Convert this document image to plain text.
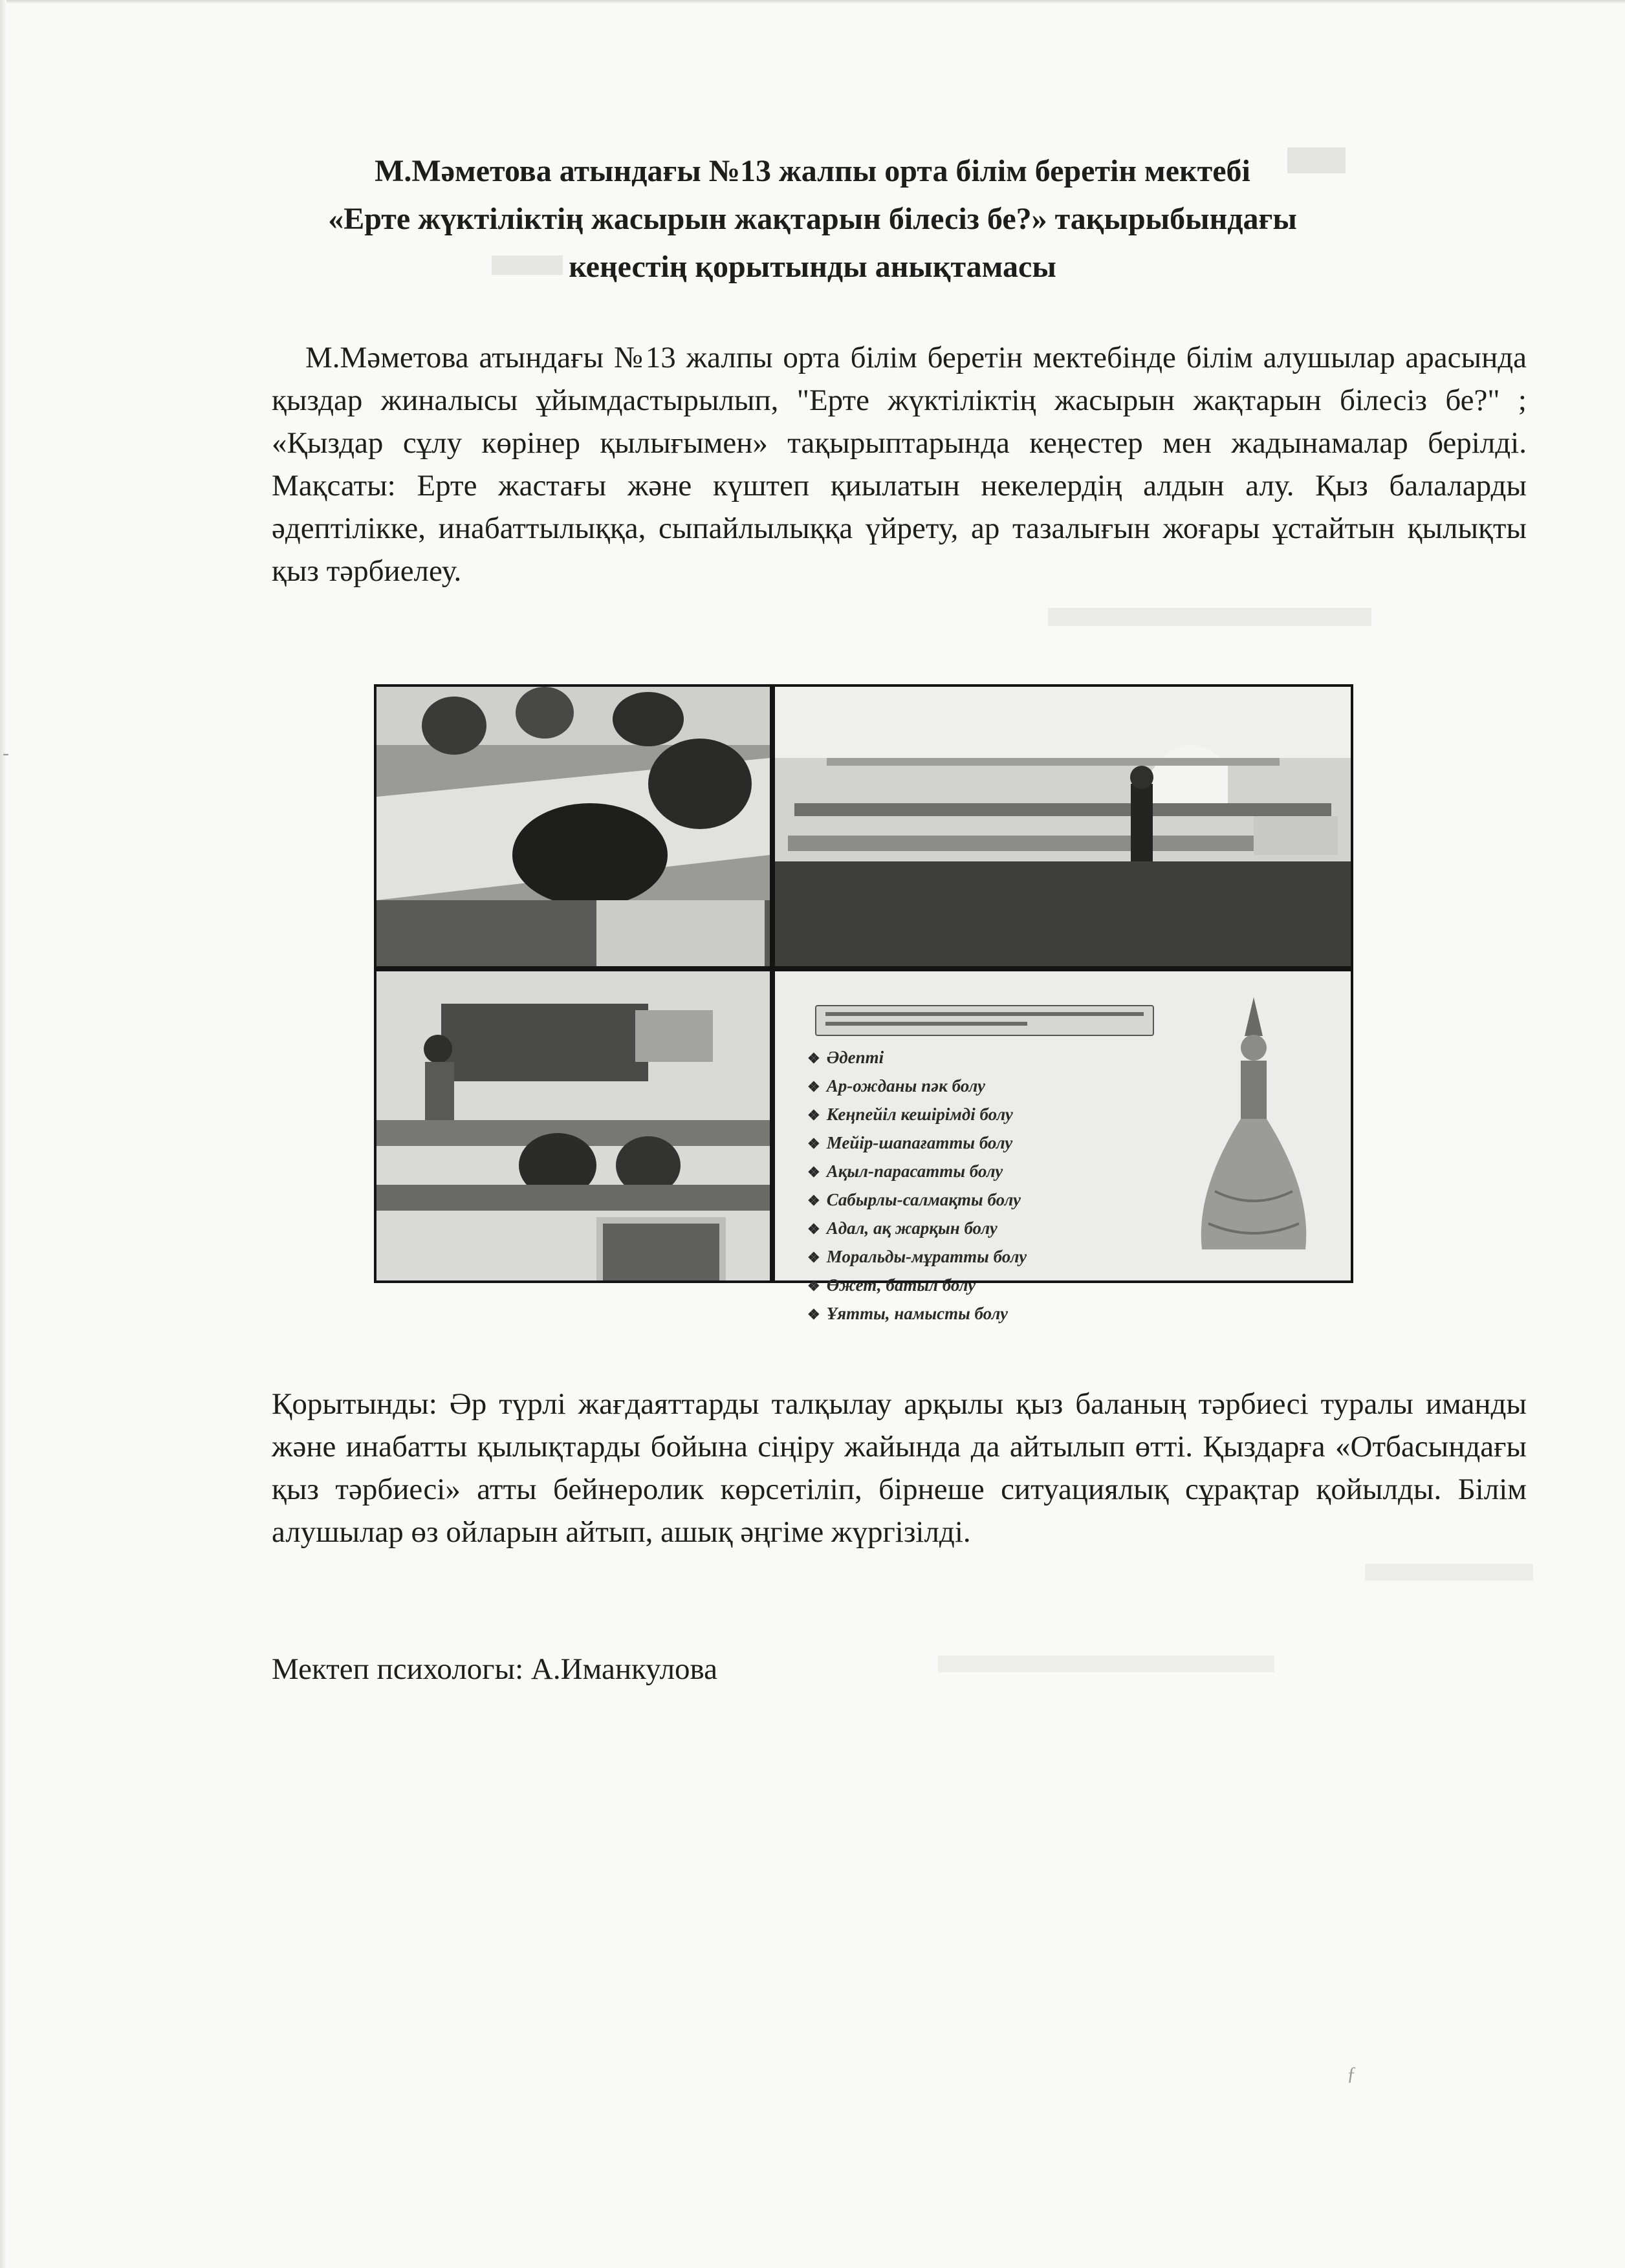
М.Мәметова атындағы №13 жалпы орта білім беретін мектебі
«Ерте жүктіліктің жасырын жақтарын білесіз бе?» тақырыбындағы
кеңестің қорытынды анықтамасы
М.Мәметова атындағы №13 жалпы орта білім беретін мектебінде білім алушылар арасында қыздар жиналысы ұйымдастырылып, "Ерте жүктіліктің жасырын жақтарын білесіз бе?" ; «Қыздар сұлу көрінер қылығымен» тақырыптарында кеңестер мен жадынамалар берілді. Мақсаты: Ерте жастағы және күштеп қиылатын некелердің алдын алу. Қыз балаларды әдептілікке, инабаттылыққа, сыпайлылыққа үйрету, ар тазалығын жоғары ұстайтын қылықты қыз тәрбиелеу.
❖ Әдепті
❖ Ар-ожданы пәк болу
❖ Кеңпейіл кешірімді болу
❖ Мейір-шапағатты болу
❖ Ақыл-парасатты болу
❖ Сабырлы-салмақты болу
❖ Адал, ақ жарқын болу
❖ Моральды-мұратты болу
❖ Өжет, батыл болу
❖ Ұятты, намысты болу
Қорытынды: Әр түрлі жағдаяттарды талқылау арқылы қыз баланың тәрбиесі туралы иманды және инабатты қылықтарды бойына сіңіру жайында да айтылып өтті. Қыздарға «Отбасындағы қыз тәрбиесі» атты бейнеролик көрсетіліп, бірнеше ситуациялық сұрақтар қойылды. Білім алушылар өз ойларын айтып, ашық әңгіме жүргізілді.
Мектеп психологы: А.Иманкулова
-
ƒ
